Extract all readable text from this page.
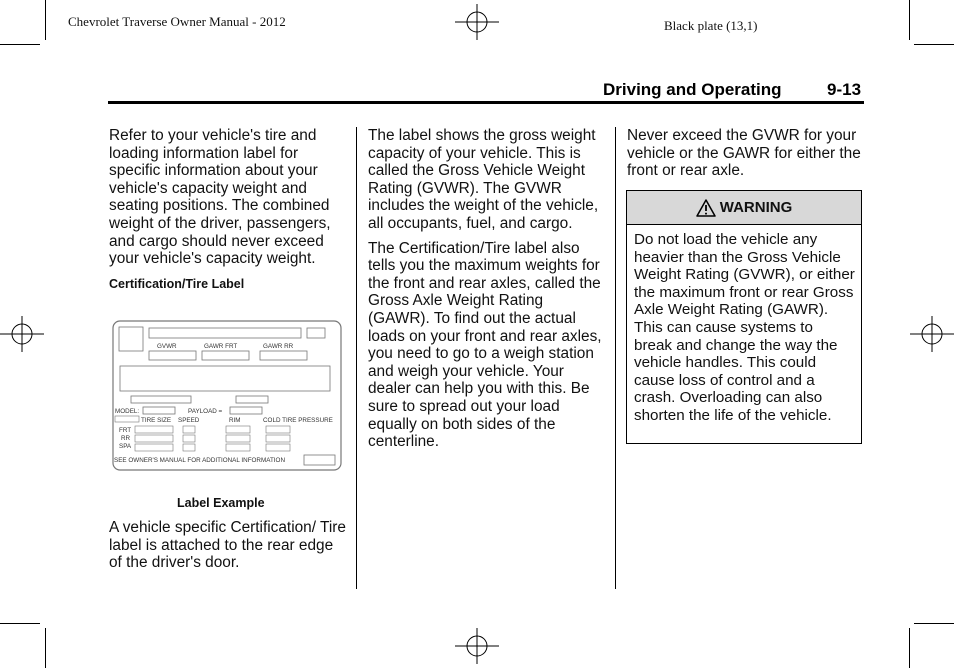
Chevrolet Traverse Owner Manual - 2012	Black plate (13,1)
Driving and Operating	9-13

Refer to your vehicle's tire and loading information label for specific information about your vehicle's capacity weight and seating positions. The combined weight of the driver, passengers, and cargo should never exceed your vehicle's capacity weight.

Certification/Tire Label
GVWR	GAWR FRT	GAWR RR
MODEL:	PAYLOAD =
TIRE SIZE SPEED	RIM	COLD TIRE PRESSURE
FRT
RR
SPA
SEE OWNER'S MANUAL FOR ADDITIONAL INFORMATION
Label Example

A vehicle specific Certification/ Tire label is attached to the rear edge of the driver's door.

The label shows the gross weight capacity of your vehicle. This is called the Gross Vehicle Weight Rating (GVWR). The GVWR includes the weight of the vehicle, all occupants, fuel, and cargo.

The Certification/Tire label also tells you the maximum weights for the front and rear axles, called the Gross Axle Weight Rating (GAWR). To find out the actual loads on your front and rear axles, you need to go to a weigh station and weigh your vehicle. Your dealer can help you with this. Be sure to spread out your load equally on both sides of the centerline.

Never exceed the GVWR for your vehicle or the GAWR for either the front or rear axle.

WARNING
Do not load the vehicle any heavier than the Gross Vehicle Weight Rating (GVWR), or either the maximum front or rear Gross Axle Weight Rating (GAWR). This can cause systems to break and change the way the vehicle handles. This could cause loss of control and a crash. Overloading can also shorten the life of the vehicle.
